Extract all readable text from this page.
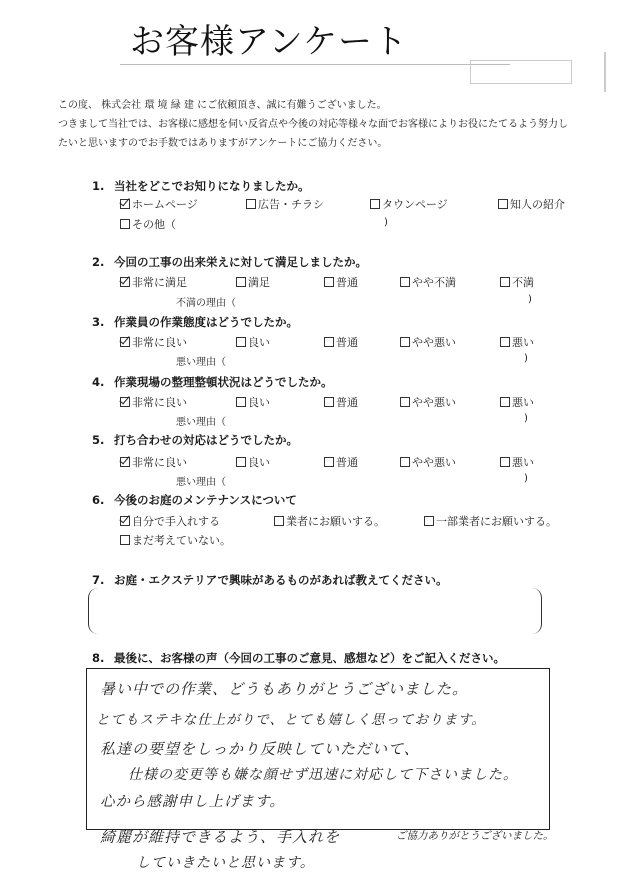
お客様アンケート
この度、 株式会社 環 境 緑 建 にご依頼頂き、誠に有難うございました。
つきまして当社では、お客様に感想を伺い反省点や今後の対応等様々な面でお客様によりお役にたてるよう努力し
たいと思いますのでお手数ではありますがアンケートにご協力ください。
1. 当社をどこでお知りになりましたか。
ホームページ	広告・チラシ	タウンページ	知人の紹介
その他（	)
2. 今回の工事の出来栄えに対して満足しましたか。
非常に満足	満足	普通	やや不満	不満
不満の理由（	)
3. 作業員の作業態度はどうでしたか。
非常に良い	良い	普通	やや悪い	悪い
悪い理由（	)
4. 作業現場の整理整頓状況はどうでしたか。
非常に良い	良い	普通	やや悪い	悪い
悪い理由（	)
5. 打ち合わせの対応はどうでしたか。
非常に良い	良い	普通	やや悪い	悪い
悪い理由（	)
6. 今後のお庭のメンテナンスについて
自分で手入れする	業者にお願いする。	一部業者にお願いする。
まだ考えていない。
7. お庭・エクステリアで興味があるものがあれば教えてください。
8. 最後に、お客様の声（今回の工事のご意見、感想など）をご記入ください。
暑い中での作業、どうもありがとうございました。
とてもステキな仕上がりで、とても嬉しく思っております。
私達の要望をしっかり反映していただいて、
仕様の変更等も嫌な顔せず迅速に対応して下さいました。
心から感謝申し上げます。
綺麗が維持できるよう、手入れを
していきたいと思います。
ご協力ありがとうございました。
